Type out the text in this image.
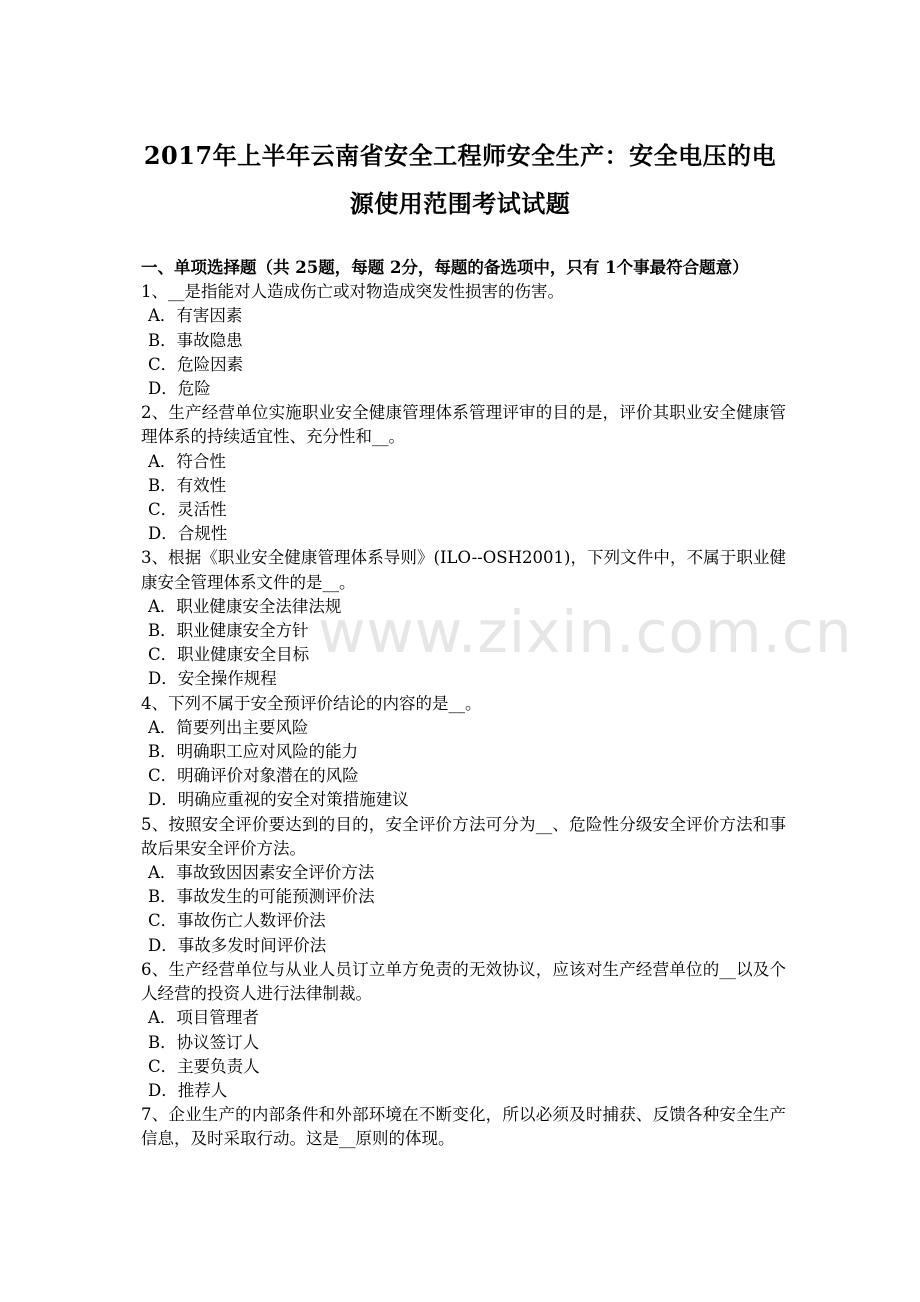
2017年上半年云南省安全工程师安全生产：安全电压的电
源使用范围考试试题

一、单项选择题（共 25题，每题 2分，每题的备选项中，只有 1个事最符合题意）

1、__是指能对人造成伤亡或对物造成突发性损害的伤害。

A．有害因素

B．事故隐患

C．危险因素

D．危险

2、生产经营单位实施职业安全健康管理体系管理评审的目的是，评价其职业安全健康管理体系的持续适宜性、充分性和__。

A．符合性

B．有效性

C．灵活性

D．合规性

3、根据《职业安全健康管理体系导则》(ILO--OSH2001)，下列文件中，不属于职业健康安全管理体系文件的是__。

A．职业健康安全法律法规

B．职业健康安全方针

C．职业健康安全目标

D．安全操作规程

4、下列不属于安全预评价结论的内容的是__。

A．简要列出主要风险

B．明确职工应对风险的能力

C．明确评价对象潜在的风险

D．明确应重视的安全对策措施建议

5、按照安全评价要达到的目的，安全评价方法可分为__、危险性分级安全评价方法和事故后果安全评价方法。

A．事故致因因素安全评价方法

B．事故发生的可能预测评价法

C．事故伤亡人数评价法

D．事故多发时间评价法

6、生产经营单位与从业人员订立单方免责的无效协议，应该对生产经营单位的__以及个人经营的投资人进行法律制裁。

A．项目管理者

B．协议签订人

C．主要负责人

D．推荐人

7、企业生产的内部条件和外部环境在不断变化，所以必须及时捕获、反馈各种安全生产信息，及时采取行动。这是__原则的体现。

www.zixin.com.cn
